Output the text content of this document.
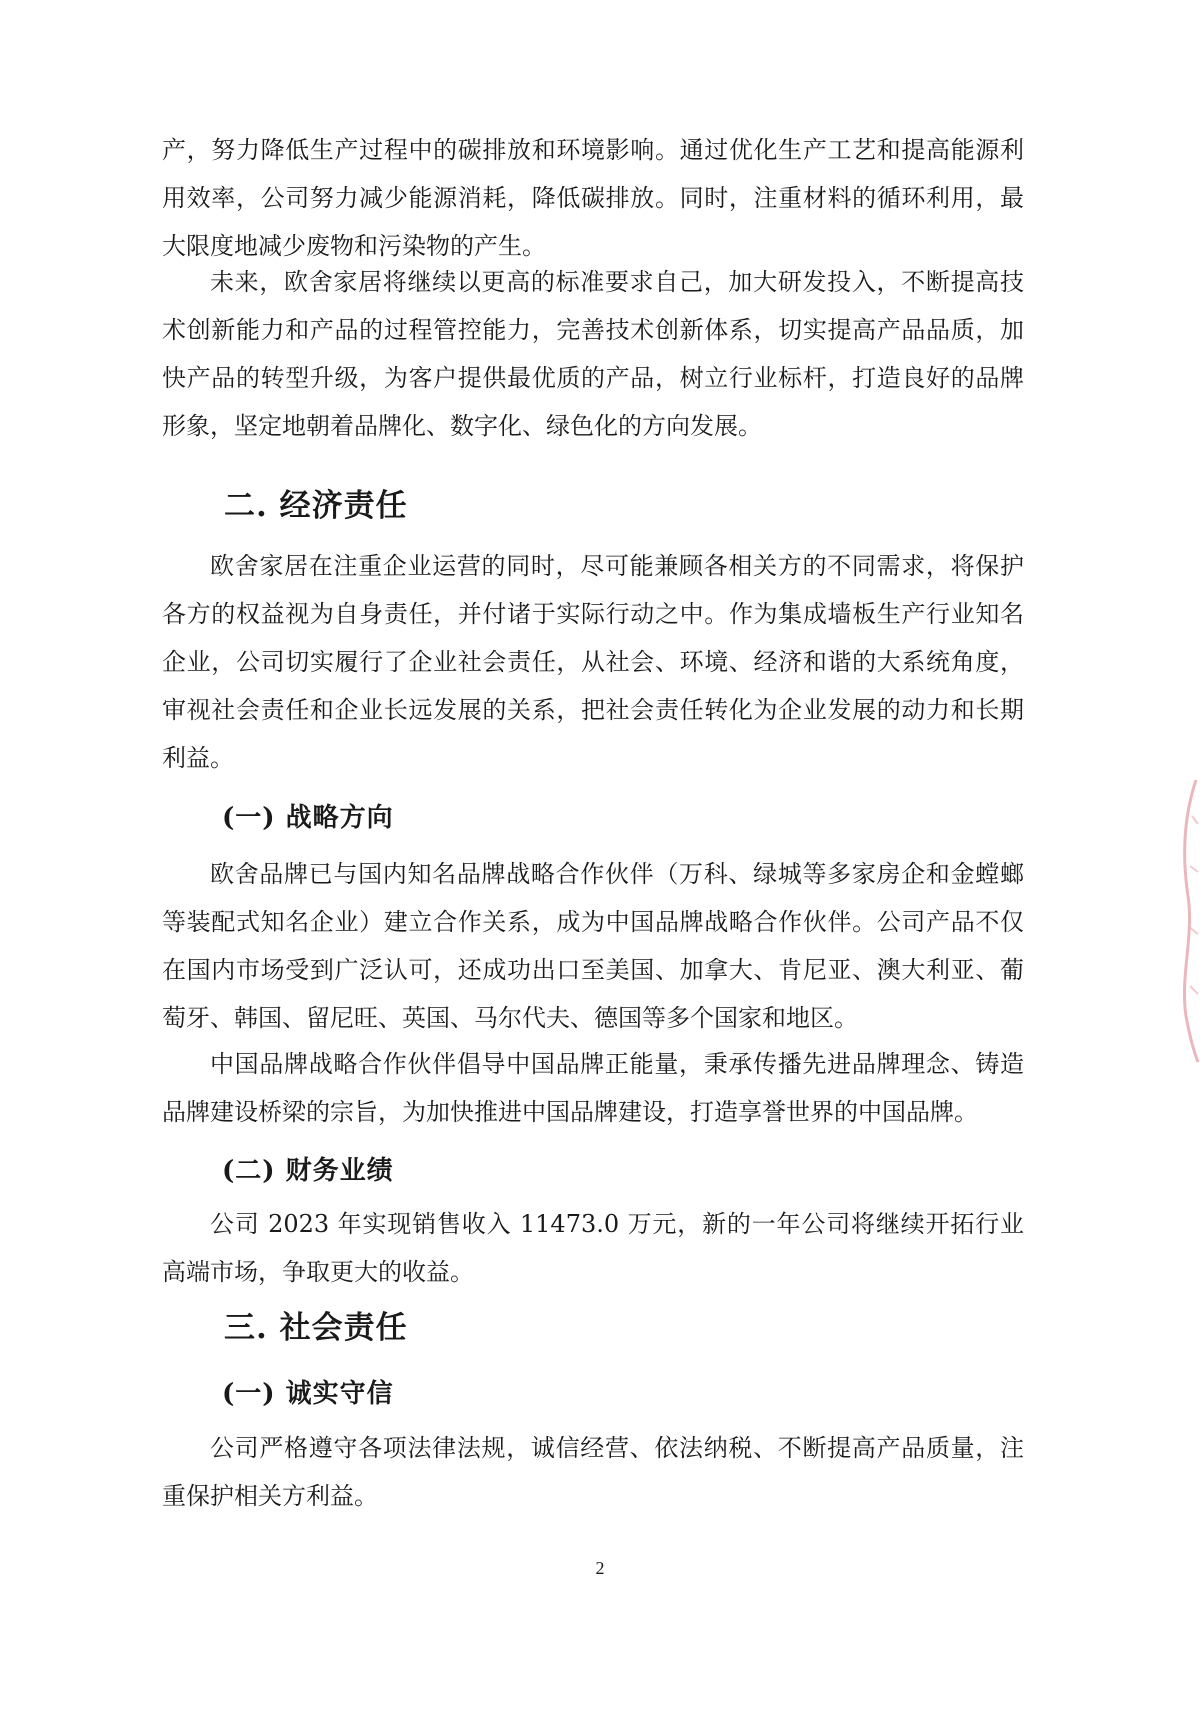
产，努力降低生产过程中的碳排放和环境影响。通过优化生产工艺和提高能源利用效率，公司努力减少能源消耗，降低碳排放。同时，注重材料的循环利用，最大限度地减少废物和污染物的产生。

未来，欧舍家居将继续以更高的标准要求自己，加大研发投入，不断提高技术创新能力和产品的过程管控能力，完善技术创新体系，切实提高产品品质，加快产品的转型升级，为客户提供最优质的产品，树立行业标杆，打造良好的品牌形象，坚定地朝着品牌化、数字化、绿色化的方向发展。

二. 经济责任

欧舍家居在注重企业运营的同时，尽可能兼顾各相关方的不同需求，将保护各方的权益视为自身责任，并付诸于实际行动之中。作为集成墙板生产行业知名企业，公司切实履行了企业社会责任，从社会、环境、经济和谐的大系统角度，审视社会责任和企业长远发展的关系，把社会责任转化为企业发展的动力和长期利益。

(一) 战略方向

欧舍品牌已与国内知名品牌战略合作伙伴（万科、绿城等多家房企和金螳螂等装配式知名企业）建立合作关系，成为中国品牌战略合作伙伴。公司产品不仅在国内市场受到广泛认可，还成功出口至美国、加拿大、肯尼亚、澳大利亚、葡萄牙、韩国、留尼旺、英国、马尔代夫、德国等多个国家和地区。

中国品牌战略合作伙伴倡导中国品牌正能量，秉承传播先进品牌理念、铸造品牌建设桥梁的宗旨，为加快推进中国品牌建设，打造享誉世界的中国品牌。

(二) 财务业绩

公司 2023 年实现销售收入 11473.0 万元，新的一年公司将继续开拓行业高端市场，争取更大的收益。

三. 社会责任
(一) 诚实守信

公司严格遵守各项法律法规，诚信经营、依法纳税、不断提高产品质量，注重保护相关方利益。

2
